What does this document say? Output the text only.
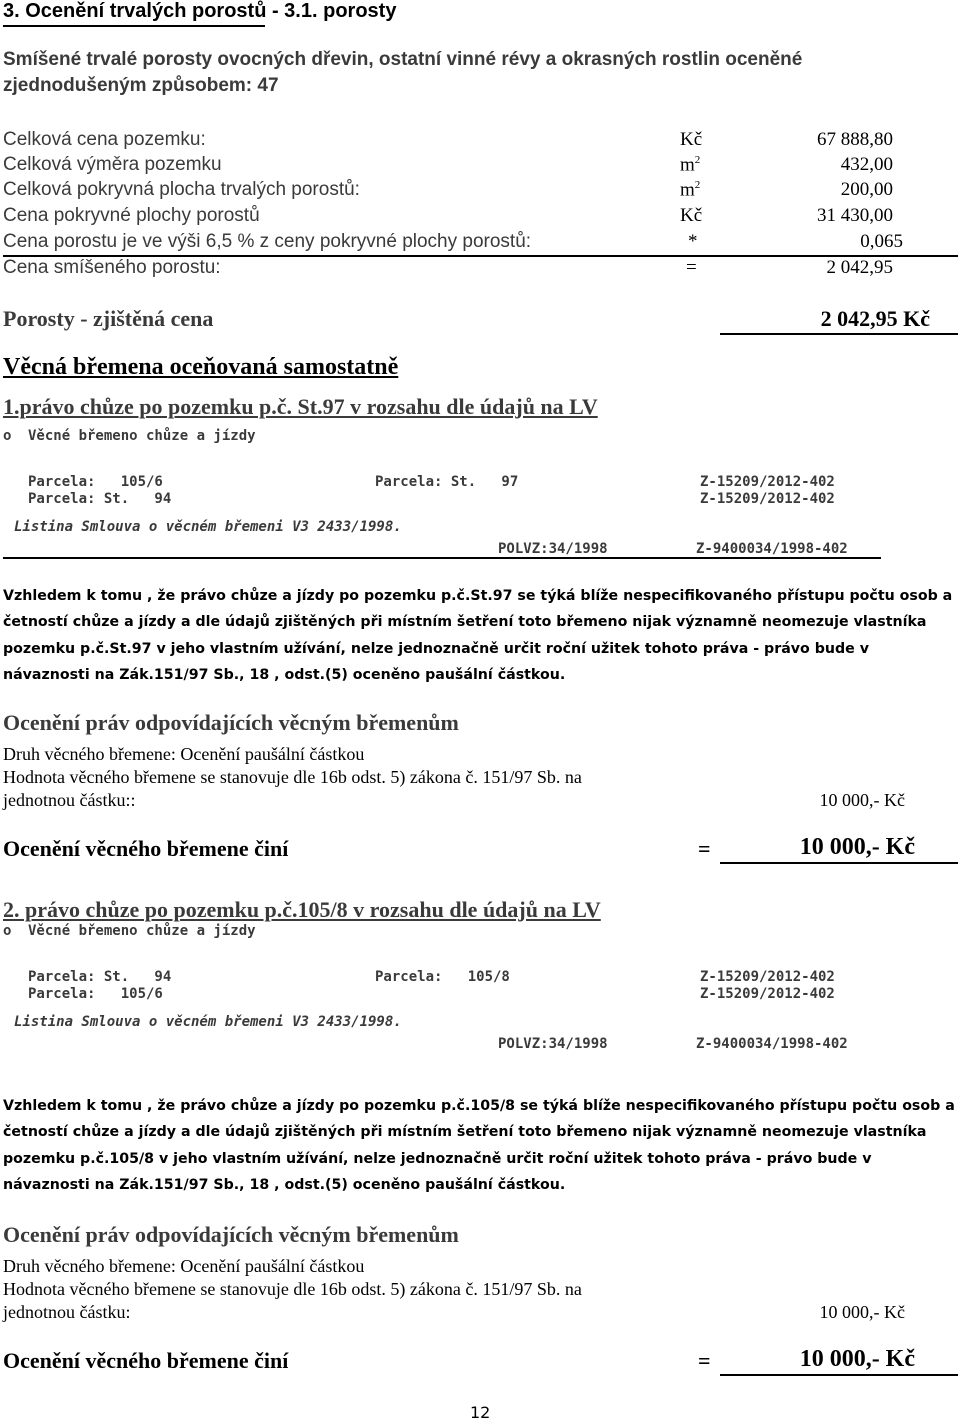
3. Ocenění trvalých porostů - 3.1. porosty
Smíšené trvalé porosty ovocných dřevin, ostatní vinné révy a okrasných rostlin oceněné
zjednodušeným způsobem: 47
Celková cena pozemku:	Kč	67 888,80
Celková výměra pozemku	$m^2$	432,00
Celková pokryvná plocha trvalých porostů:	$m^2$	200,00
Cena pokryvné plochy porostů	Kč	31 430,00
Cena porostu je ve výši 6,5 % z ceny pokryvné plochy porostů:	*	0,065
Cena smíšeného porostu:	=	2 042,95
Porosty - zjištěná cena	2 042,95 Kč
Věcná břemena oceňovaná samostatně
1.právo chůze po pozemku p.č. St.97 v rozsahu dle údajů na LV
o Věcné břemeno chůze a jízdy
Parcela:   105/6	Parcela: St.   97	Z-15209/2012-402
Parcela: St.   94	Z-15209/2012-402
Listina Smlouva o věcném břemeni V3 2433/1998.
POLVZ:34/1998	Z-9400034/1998-402
Vzhledem k tomu , že právo chůze a jízdy po pozemku p.č.St.97 se týká blíže nespecifikovaného přístupu počtu osob a četností chůze a jízdy a dle údajů zjištěných při místním šetření toto břemeno nijak významně neomezuje vlastníka pozemku p.č.St.97 v jeho vlastním užívání, nelze jednoznačně určit roční užitek tohoto práva - právo bude v návaznosti na Zák.151/97 Sb., 18 , odst.(5) oceněno paušální částkou.
Ocenění práv odpovídajících věcným břemenům
Druh věcného břemene: Ocenění paušální částkou
Hodnota věcného břemene se stanovuje dle 16b odst. 5) zákona č. 151/97 Sb. na
jednotnou částku::	10 000,- Kč
Ocenění věcného břemene činí	=	10 000,- Kč
2. právo chůze po pozemku p.č.105/8 v rozsahu dle údajů na LV
o Věcné břemeno chůze a jízdy
Parcela: St.   94	Parcela:   105/8	Z-15209/2012-402
Parcela:   105/6	Z-15209/2012-402
Listina Smlouva o věcném břemeni V3 2433/1998.
POLVZ:34/1998	Z-9400034/1998-402
Vzhledem k tomu , že právo chůze a jízdy po pozemku p.č.105/8 se týká blíže nespecifikovaného přístupu počtu osob a četností chůze a jízdy a dle údajů zjištěných při místním šetření toto břemeno nijak významně neomezuje vlastníka pozemku p.č.105/8 v jeho vlastním užívání, nelze jednoznačně určit roční užitek tohoto práva - právo bude v návaznosti na Zák.151/97 Sb., 18 , odst.(5) oceněno paušální částkou.
Ocenění práv odpovídajících věcným břemenům
Druh věcného břemene: Ocenění paušální částkou
Hodnota věcného břemene se stanovuje dle 16b odst. 5) zákona č. 151/97 Sb. na
jednotnou částku:	10 000,- Kč
Ocenění věcného břemene činí	=	10 000,- Kč
12
